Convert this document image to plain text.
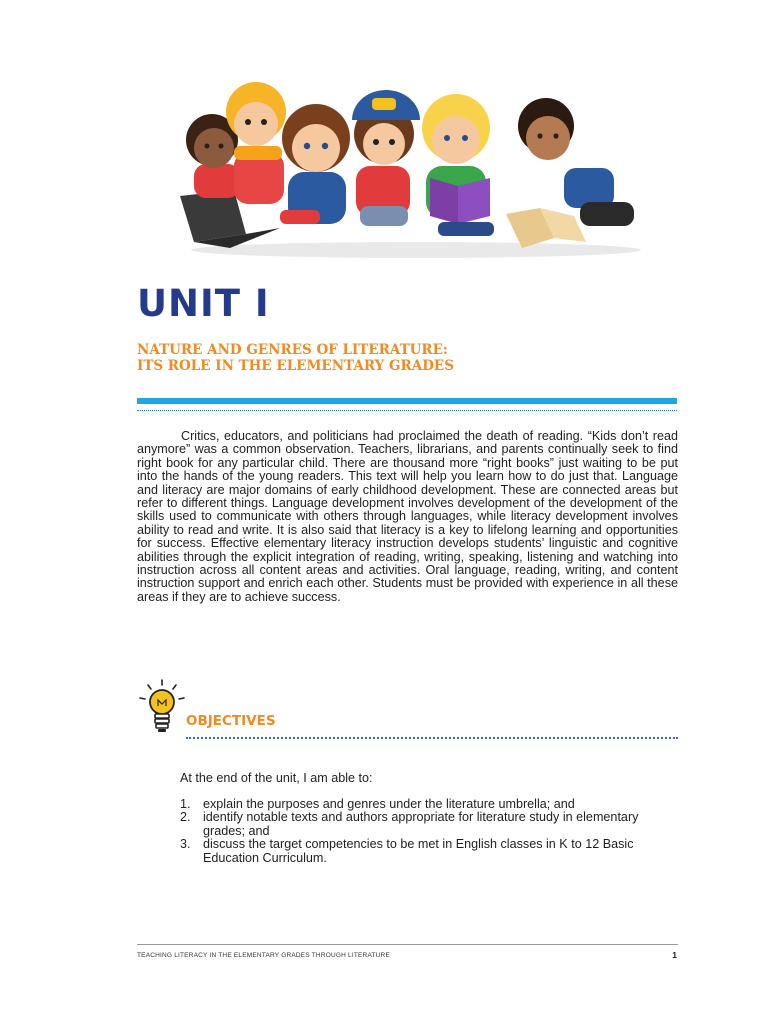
UNIT I
NATURE AND GENRES OF LITERATURE:
ITS ROLE IN THE ELEMENTARY GRADES

Critics, educators, and politicians had proclaimed the death of reading. “Kids don’t read anymore” was a common observation. Teachers, librarians, and parents continually seek to find right book for any particular child. There are thousand more “right books” just waiting to be put into the hands of the young readers. This text will help you learn how to do just that. Language and literacy are major domains of early childhood development. These are connected areas but refer to different things. Language development involves development of the development of the skills used to communicate with others through languages, while literacy development involves ability to read and write. It is also said that literacy is a key to lifelong learning and opportunities for success. Effective elementary literacy instruction develops students’ linguistic and cognitive abilities through the explicit integration of reading, writing, speaking, listening and watching into instruction across all content areas and activities. Oral language, reading, writing, and content instruction support and enrich each other. Students must be provided with experience in all these areas if they are to achieve success.

OBJECTIVES

At the end of the unit, I am able to:

1. explain the purposes and genres under the literature umbrella; and
2. identify notable texts and authors appropriate for literature study in elementary grades; and
3. discuss the target competencies to be met in English classes in K to 12 Basic Education Curriculum.
TEACHING LITERACY IN THE ELEMENTARY GRADES THROUGH LITERATURE	1
